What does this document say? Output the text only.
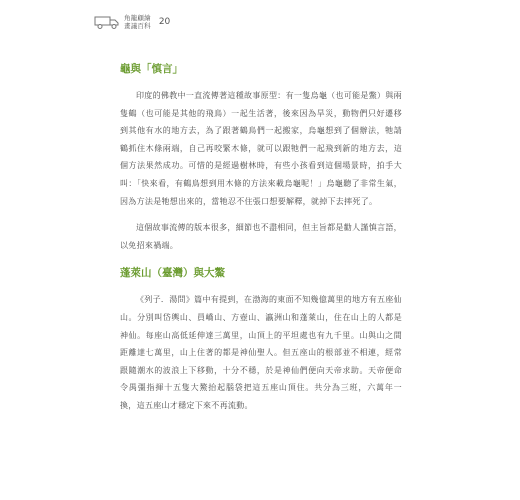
角籠顧繪
畫議百科 20
龜與「慎言」

印度的佛教中一直流傳著這種故事原型：有一隻烏龜（也可能是鱉）與兩隻鶴（也可能是其他的飛鳥）一起生活著，後來因為旱災，動物們只好遷移到其他有水的地方去，為了跟著鶴鳥們一起搬家，烏龜想到了個辦法，牠請鶴抓住木條兩端，自己再咬緊木條，就可以跟牠們一起飛到新的地方去，這個方法果然成功。可惜的是經過樹林時，有些小孩看到這個場景時，拍手大叫：「快來看，有鶴鳥想到用木條的方法來載烏龜呢！」烏龜聽了非常生氣，因為方法是牠想出來的，當牠忍不住張口想要解釋，就掉下去摔死了。

這個故事流傳的版本很多，細節也不盡相同，但主旨都是勸人謹慎言語，以免招來禍端。

蓬萊山（臺灣）與大鰲

《列子．湯問》篇中有提到，在渤海的東面不知幾億萬里的地方有五座仙山。分別叫岱輿山、員嶠山、方壺山、瀛洲山和蓬萊山，住在山上的人都是神仙。每座山高低延伸達三萬里，山頂上的平坦處也有九千里。山與山之間距離達七萬里，山上住著的都是神仙聖人。但五座山的根部並不相連，經常跟隨潮水的波浪上下移動，十分不穩，於是神仙們便向天帝求助。天帝便命令禺彊指揮十五隻大鰲抬起腦袋把這五座山頂住。共分為三班，六萬年一換，這五座山才穩定下來不再流動。
